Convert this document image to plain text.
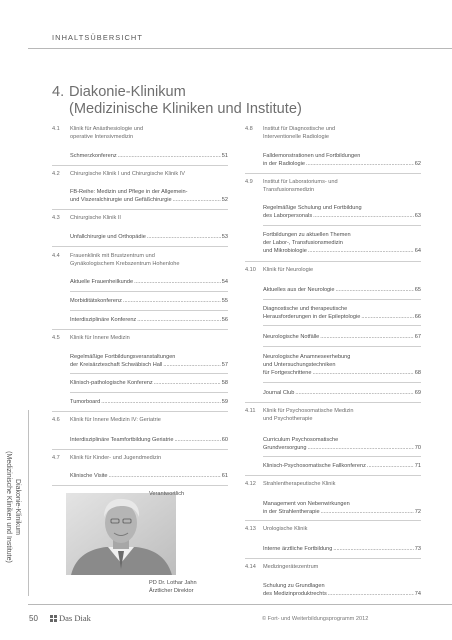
INHALTSÜBERSICHT
4. Diakonie-Klinikum
(Medizinische Kliniken und Institute)
Diakonie-Klinikum
(Medizinische Kliniken und Institute)
4.1	Klinik für Anästhesiologie und
operative Intensivmedizin
Schmerzkonferenz .....	51
4.2	Chirurgische Klinik I und Chirurgische Klinik IV
FB-Reihe: Medizin und Pflege in der Allgemein-
und Viszeralchirurgie und Gefäßchirurgie .....	52
4.3	Chirurgische Klinik II
Unfallchirurgie und Orthopädie .....	53
4.4	Frauenklinik mit Brustzentrum und
Gynäkologischem Krebszentrum Hohenlohe
Aktuelle Frauenheilkunde .....	54
Morbiditätskonferenz .....	55
Interdisziplinäre Konferenz .....	56
4.5	Klinik für Innere Medizin
Regelmäßige Fortbildungsveranstaltungen
der Kreisärzteschaft Schwäbisch Hall .....	57
Klinisch-pathologische Konferenz .....	58
Tumorboard .....	59
4.6	Klinik für Innere Medizin IV: Geriatrie
Interdisziplinäre Teamfortbildung Geriatrie .....	60
4.7	Klinik für Kinder- und Jugendmedizin
Klinische Visite .....	61
Verantwortlich
PD Dr. Lothar Jahn
Ärztlicher Direktor
4.8	Institut für Diagnostische und
Interventionelle Radiologie
Falldemonstrationen und Fortbildungen
in der Radiologie .....	62
4.9	Institut für Laboratoriums- und
Transfusionsmedizin
Regelmäßige Schulung und Fortbildung
des Laborpersonals .....	63
Fortbildungen zu aktuellen Themen
der Labor-, Transfusionsmedizin
und Mikrobiologie .....	64
4.10	Klinik für Neurologie
Aktuelles aus der Neurologie .....	65
Diagnostische und therapeutische
Herausforderungen in der Epileptologie .....	66
Neurologische Notfälle .....	67
Neurologische Anamneseerhebung
und Untersuchungstechniken
für Fortgeschrittene .....	68
Journal Club .....	69
4.11	Klinik für Psychosomatische Medizin
und Psychotherapie
Curriculum Psychosomatische
Grundversorgung .....	70
Klinisch-Psychosomatische Fallkonferenz .....	71
4.12	Strahlentherapeutische Klinik
Management von Nebenwirkungen
in der Strahlentherapie .....	72
4.13	Urologische Klinik
Interne ärztliche Fortbildung .....	73
4.14	Medizingerätezentrum
Schulung zu Grundlagen
des Medizinproduktrechts .....	74
50	Das Diak	© Fort- und Weiterbildungsprogramm 2012
